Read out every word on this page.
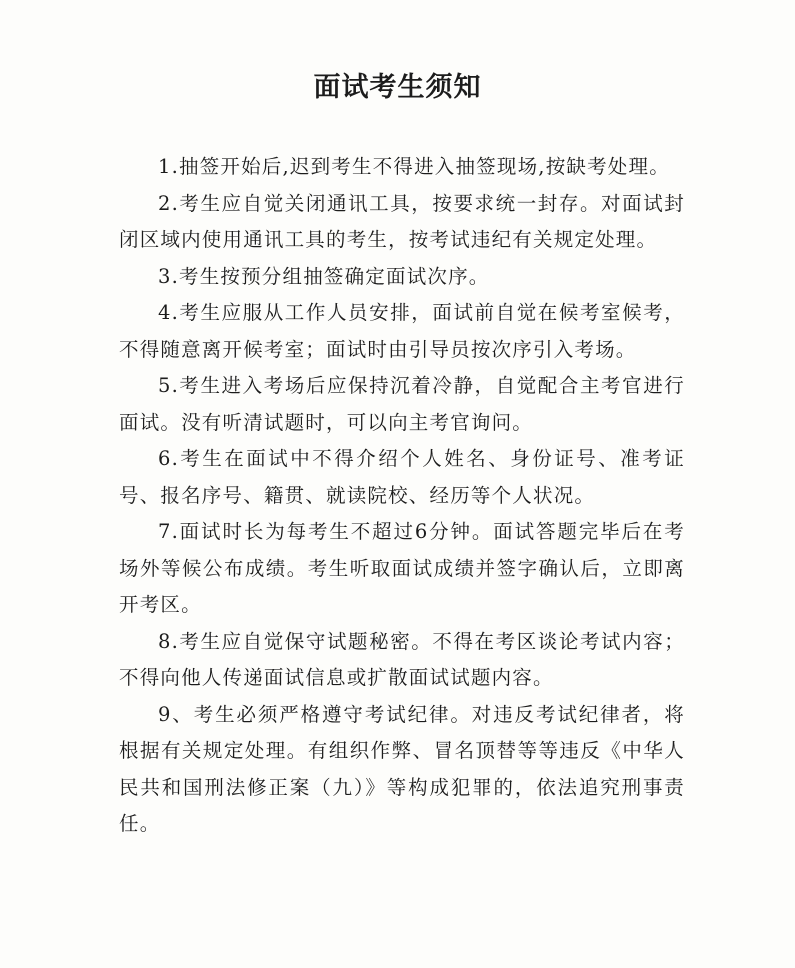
面试考生须知

1.抽签开始后,迟到考生不得进入抽签现场,按缺考处理。

2.考生应自觉关闭通讯工具，按要求统一封存。对面试封闭区域内使用通讯工具的考生，按考试违纪有关规定处理。

3.考生按预分组抽签确定面试次序。

4.考生应服从工作人员安排，面试前自觉在候考室候考，不得随意离开候考室；面试时由引导员按次序引入考场。

5.考生进入考场后应保持沉着冷静，自觉配合主考官进行面试。没有听清试题时，可以向主考官询问。

6.考生在面试中不得介绍个人姓名、身份证号、准考证号、报名序号、籍贯、就读院校、经历等个人状况。

7.面试时长为每考生不超过6分钟。面试答题完毕后在考场外等候公布成绩。考生听取面试成绩并签字确认后，立即离开考区。

8.考生应自觉保守试题秘密。不得在考区谈论考试内容；不得向他人传递面试信息或扩散面试试题内容。

9、考生必须严格遵守考试纪律。对违反考试纪律者，将根据有关规定处理。有组织作弊、冒名顶替等等违反《中华人民共和国刑法修正案（九）》等构成犯罪的，依法追究刑事责任。
